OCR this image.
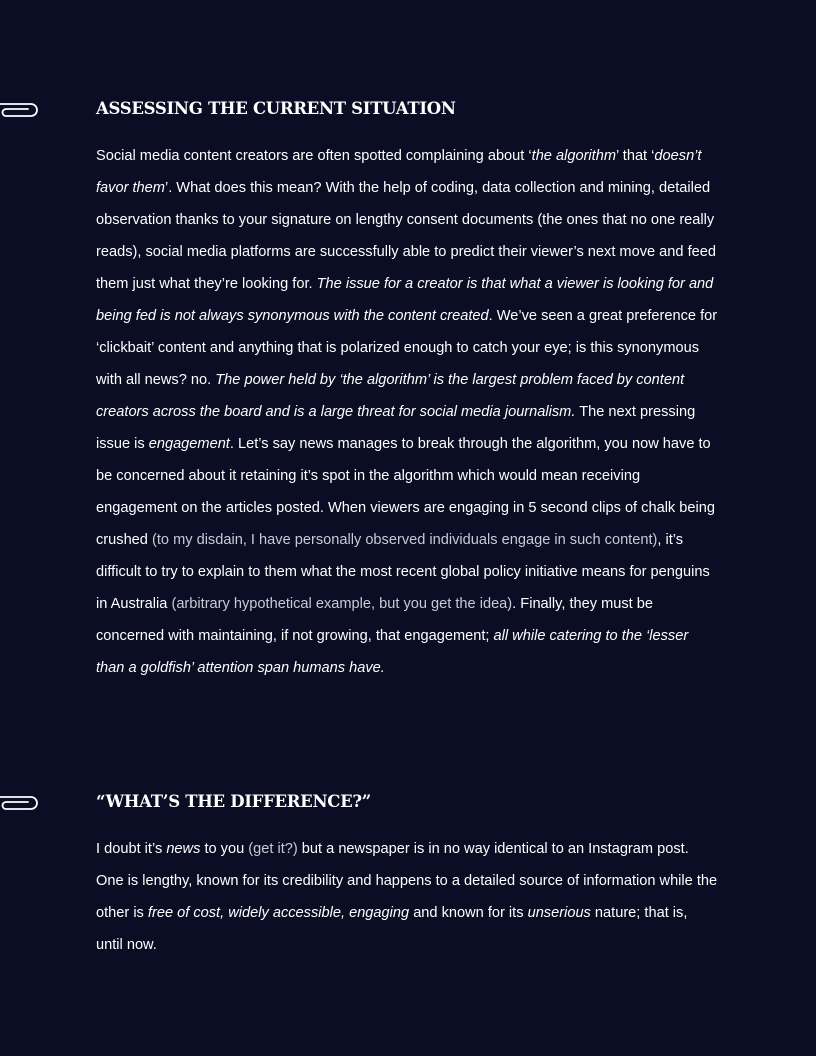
ASSESSING THE CURRENT SITUATION

Social media content creators are often spotted complaining about ‘the algorithm’ that ‘doesn’t favor them’. What does this mean? With the help of coding, data collection and mining, detailed observation thanks to your signature on lengthy consent documents (the ones that no one really reads), social media platforms are successfully able to predict their viewer’s next move and feed them just what they’re looking for. The issue for a creator is that what a viewer is looking for and being fed is not always synonymous with the content created. We’ve seen a great preference for ‘clickbait’ content and anything that is polarized enough to catch your eye; is this synonymous with all news? no. The power held by ‘the algorithm’ is the largest problem faced by content creators across the board and is a large threat for social media journalism. The next pressing issue is engagement. Let’s say news manages to break through the algorithm, you now have to be concerned about it retaining it’s spot in the algorithm which would mean receiving engagement on the articles posted. When viewers are engaging in 5 second clips of chalk being crushed (to my disdain, I have personally observed individuals engage in such content), it’s difficult to try to explain to them what the most recent global policy initiative means for penguins in Australia (arbitrary hypothetical example, but you get the idea). Finally, they must be concerned with maintaining, if not growing, that engagement; all while catering to the ‘lesser than a goldfish’ attention span humans have.

“WHAT’S THE DIFFERENCE?”

I doubt it’s news to you (get it?) but a newspaper is in no way identical to an Instagram post. One is lengthy, known for its credibility and happens to a detailed source of information while the other is free of cost, widely accessible, engaging and known for its unserious nature; that is, until now.
